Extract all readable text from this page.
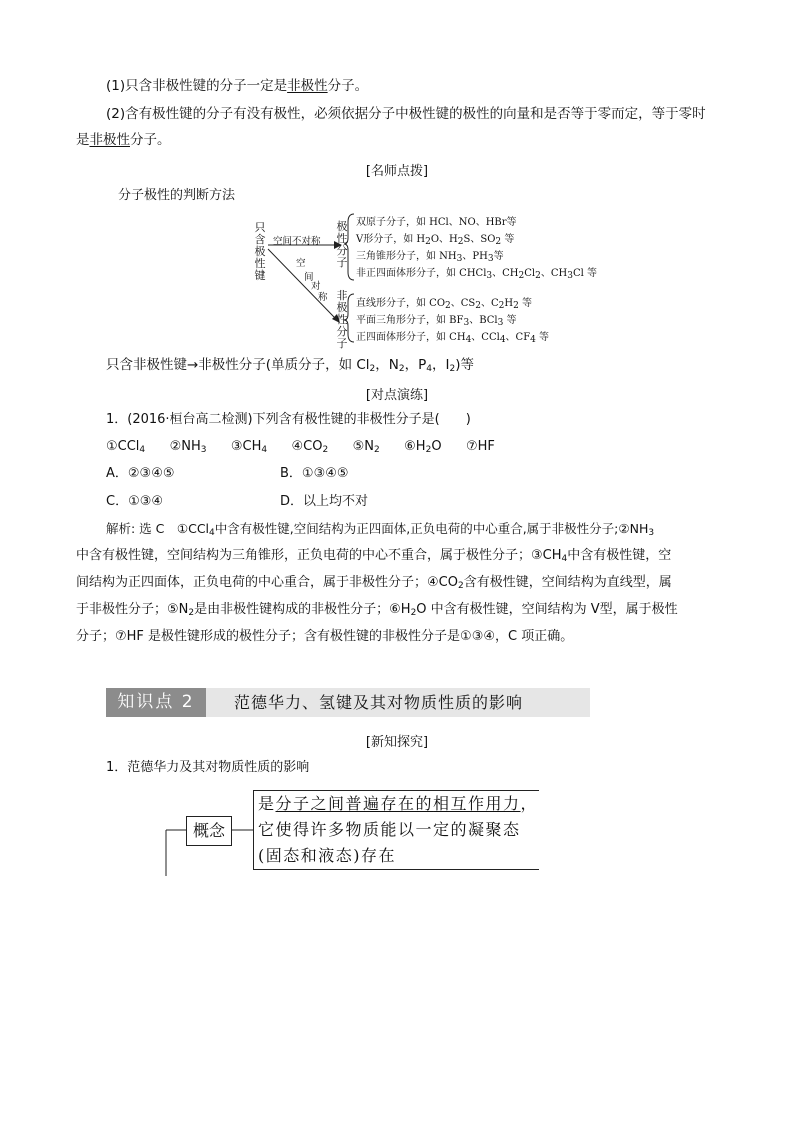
(1)只含非极性键的分子一定是非极性分子。
(2)含有极性键的分子有没有极性，必须依据分子中极性键的极性的向量和是否等于零而定，等于零时
是非极性分子。
[名师点拨]
分子极性的判断方法
只含极性键
空间不对称
空
间
对
称
极性分子
非极性分子
双原子分子，如 HCl、NO、HBr等
V形分子，如 $H_2O$、$H_2S$、$SO_2$ 等
三角锥形分子，如 $NH_3$、$PH_3$等
非正四面体形分子，如 CHCl$_3$、$CH_2Cl_2$、$CH_3Cl$ 等
直线形分子，如 $CO_2$、$CS_2$、$C_2H_2$ 等
平面三角形分子，如 $BF_3$、BCl$_3$ 等
正四面体形分子，如 $CH_4$、CCl$_4$、$CF_4$ 等
只含非极性键→非极性分子(单质分子，如 $Cl_2$，$N_2$，$P_4$，$I_2$)等
[对点演练]
1．(2016·桓台高二检测)下列含有极性键的非极性分子是(　　)
①CCl$_4$ $②NH_3$ $③CH_4$ $④CO_2$ $⑤N_2$ $⑥H_2O$ ⑦HF
A．②③④⑤	B．①③④⑤
C．①③④	D．以上均不对
解析: 选 C　①CCl$_4$中含有极性键,空间结构为正四面体,正负电荷的中心重合,属于非极性分子$;②NH_3$
中含有极性键，空间结构为三角锥形，正负电荷的中心不重合，属于极性分子；$③CH_4$中含有极性键，空
间结构为正四面体，正负电荷的中心重合，属于非极性分子；$④CO_2$含有极性键，空间结构为直线型，属
于非极性分子；$⑤N_2$是由非极性键构成的非极性分子；$⑥H_2O$ 中含有极性键，空间结构为 V型，属于极性
分子；⑦HF 是极性键形成的极性分子；含有极性键的非极性分子是①③④，C 项正确。
知识点 2	范德华力、氢键及其对物质性质的影响
[新知探究]
1．范德华力及其对物质性质的影响
概念
是分子之间普遍存在的相互作用力，它使得许多物质能以一定的凝聚态(固态和液态)存在
